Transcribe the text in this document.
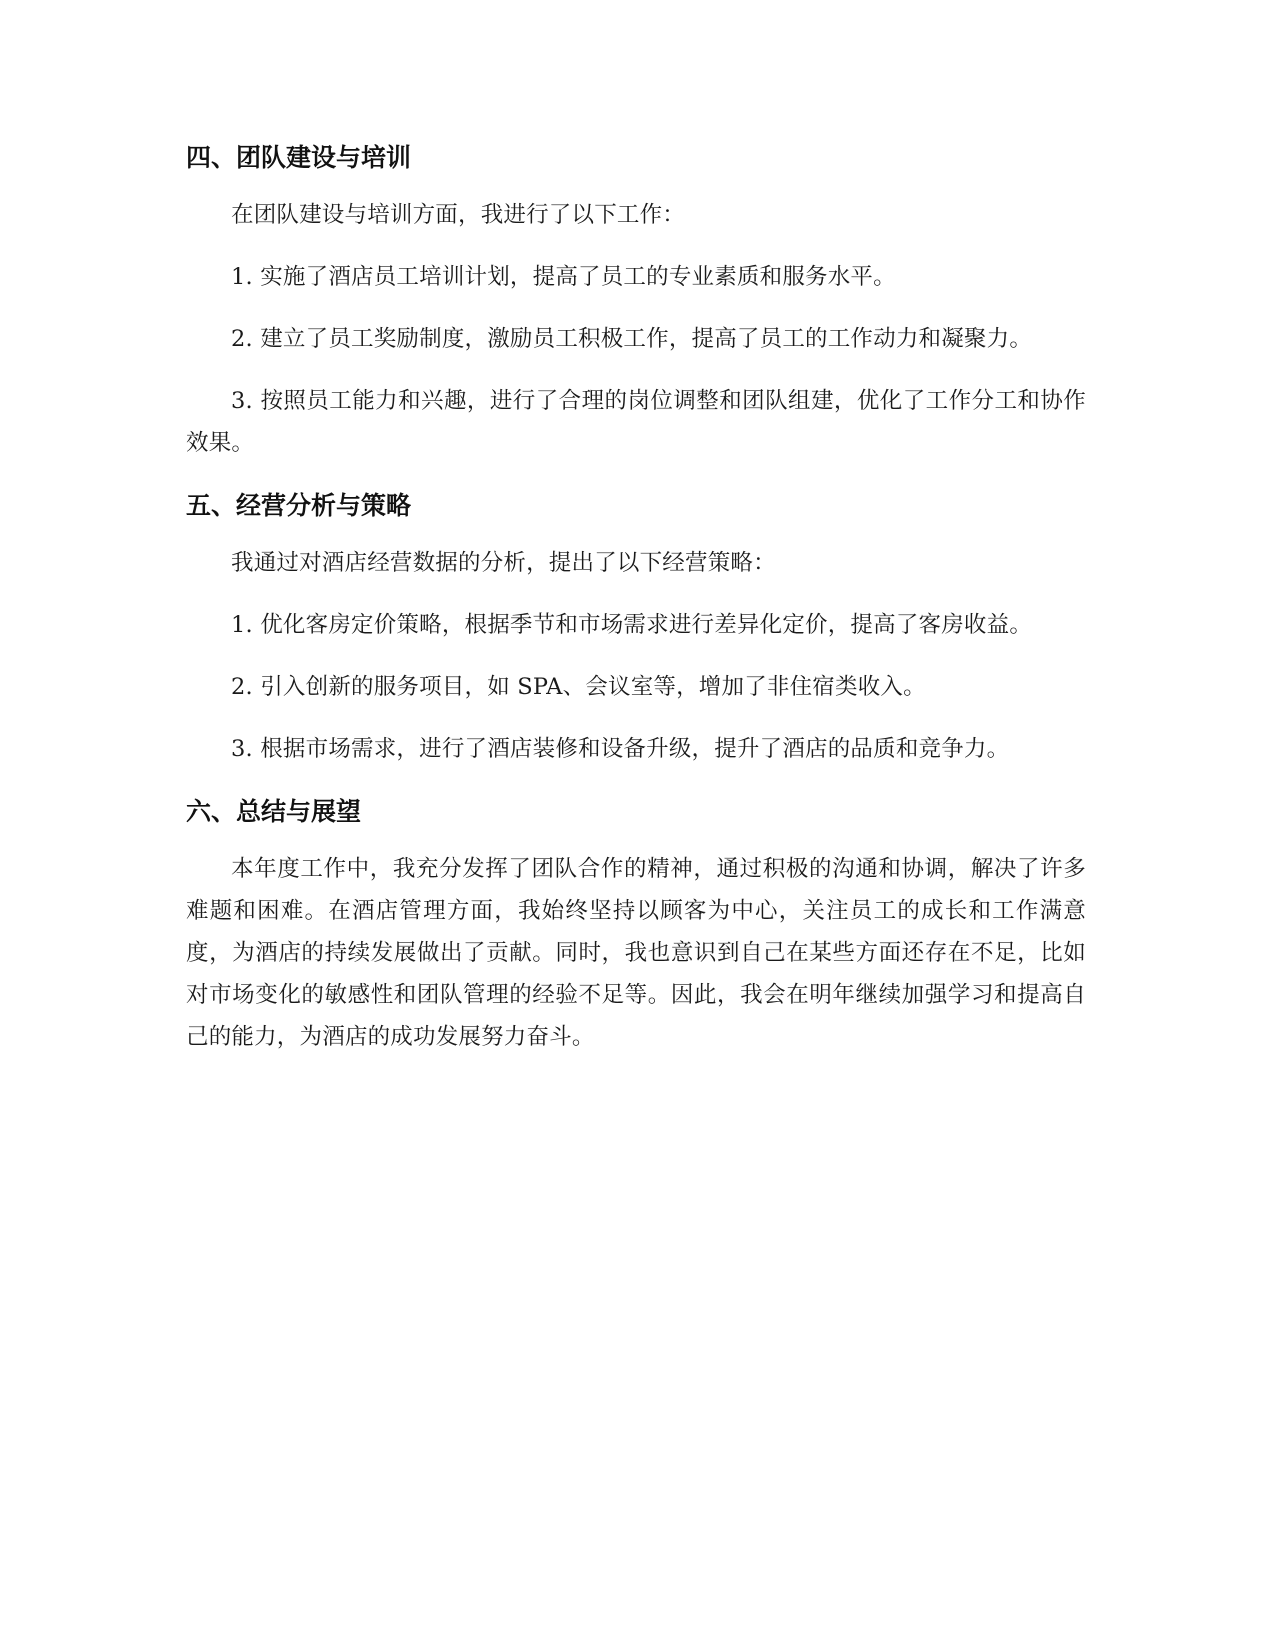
四、团队建设与培训

在团队建设与培训方面，我进行了以下工作：

1. 实施了酒店员工培训计划，提高了员工的专业素质和服务水平。

2. 建立了员工奖励制度，激励员工积极工作，提高了员工的工作动力和凝聚力。

3. 按照员工能力和兴趣，进行了合理的岗位调整和团队组建，优化了工作分工和协作效果。

五、经营分析与策略

我通过对酒店经营数据的分析，提出了以下经营策略：

1. 优化客房定价策略，根据季节和市场需求进行差异化定价，提高了客房收益。

2. 引入创新的服务项目，如 SPA、会议室等，增加了非住宿类收入。

3. 根据市场需求，进行了酒店装修和设备升级，提升了酒店的品质和竞争力。

六、总结与展望

本年度工作中，我充分发挥了团队合作的精神，通过积极的沟通和协调，解决了许多难题和困难。在酒店管理方面，我始终坚持以顾客为中心，关注员工的成长和工作满意度，为酒店的持续发展做出了贡献。同时，我也意识到自己在某些方面还存在不足，比如对市场变化的敏感性和团队管理的经验不足等。因此，我会在明年继续加强学习和提高自己的能力，为酒店的成功发展努力奋斗。
